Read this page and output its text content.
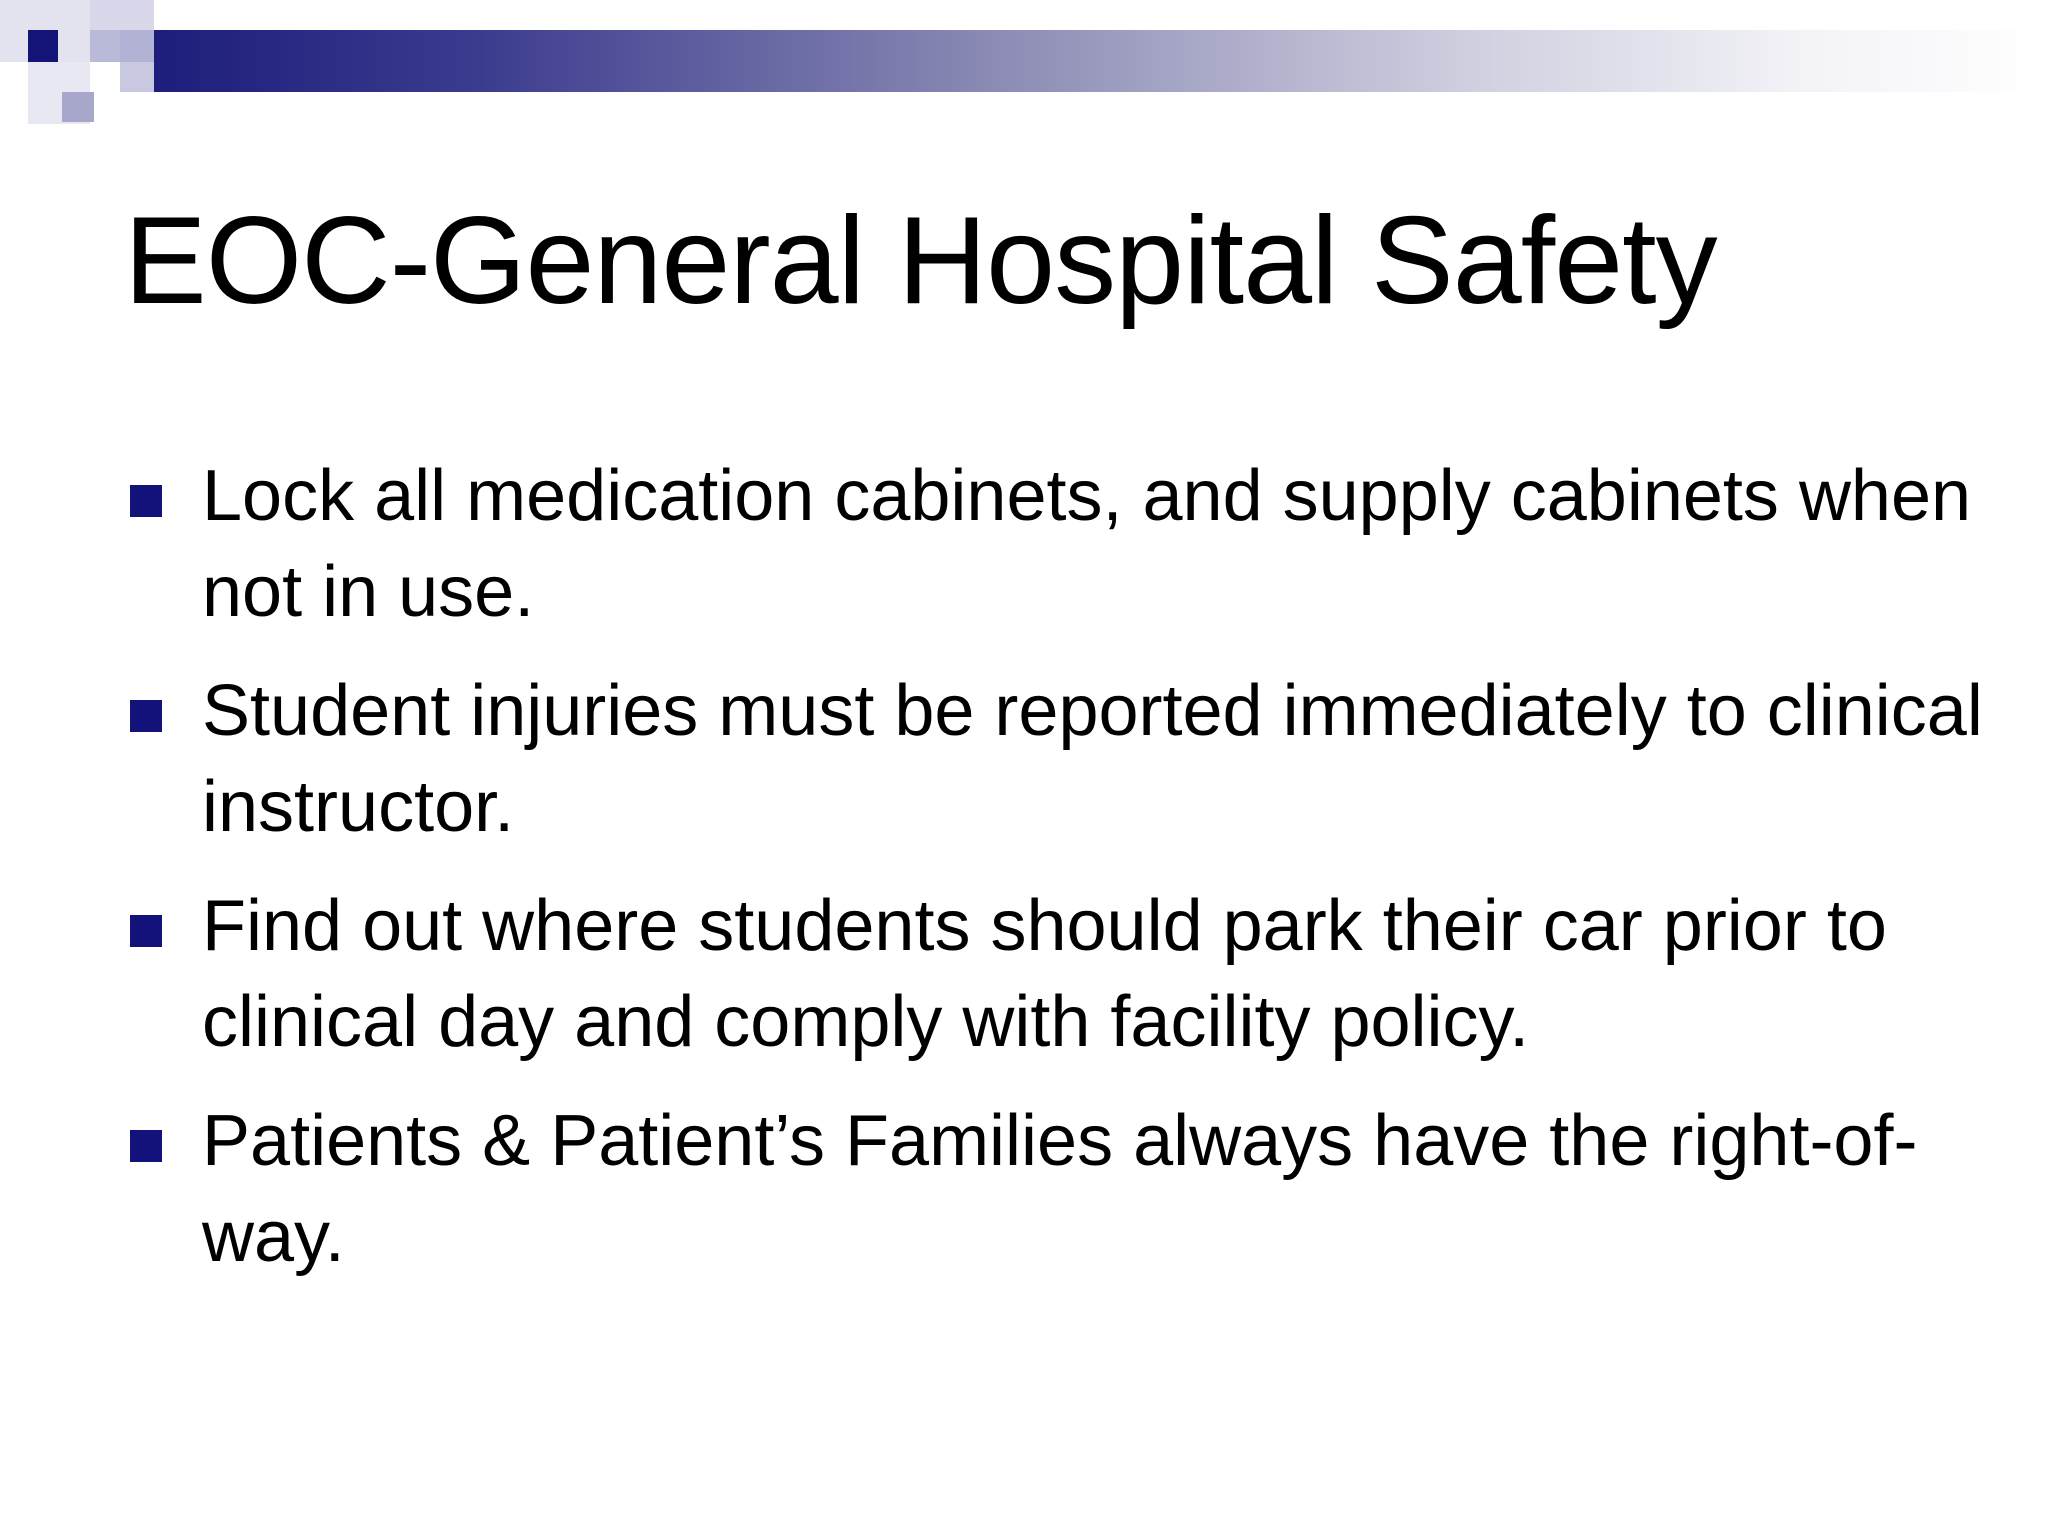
EOC-General Hospital Safety
Lock all medication cabinets, and supply cabinets when not in use.
Student injuries must be reported immediately to clinical instructor.
Find out where students should park their car prior to clinical day and comply with facility policy.
Patients & Patient’s Families always have the right-of-way.
